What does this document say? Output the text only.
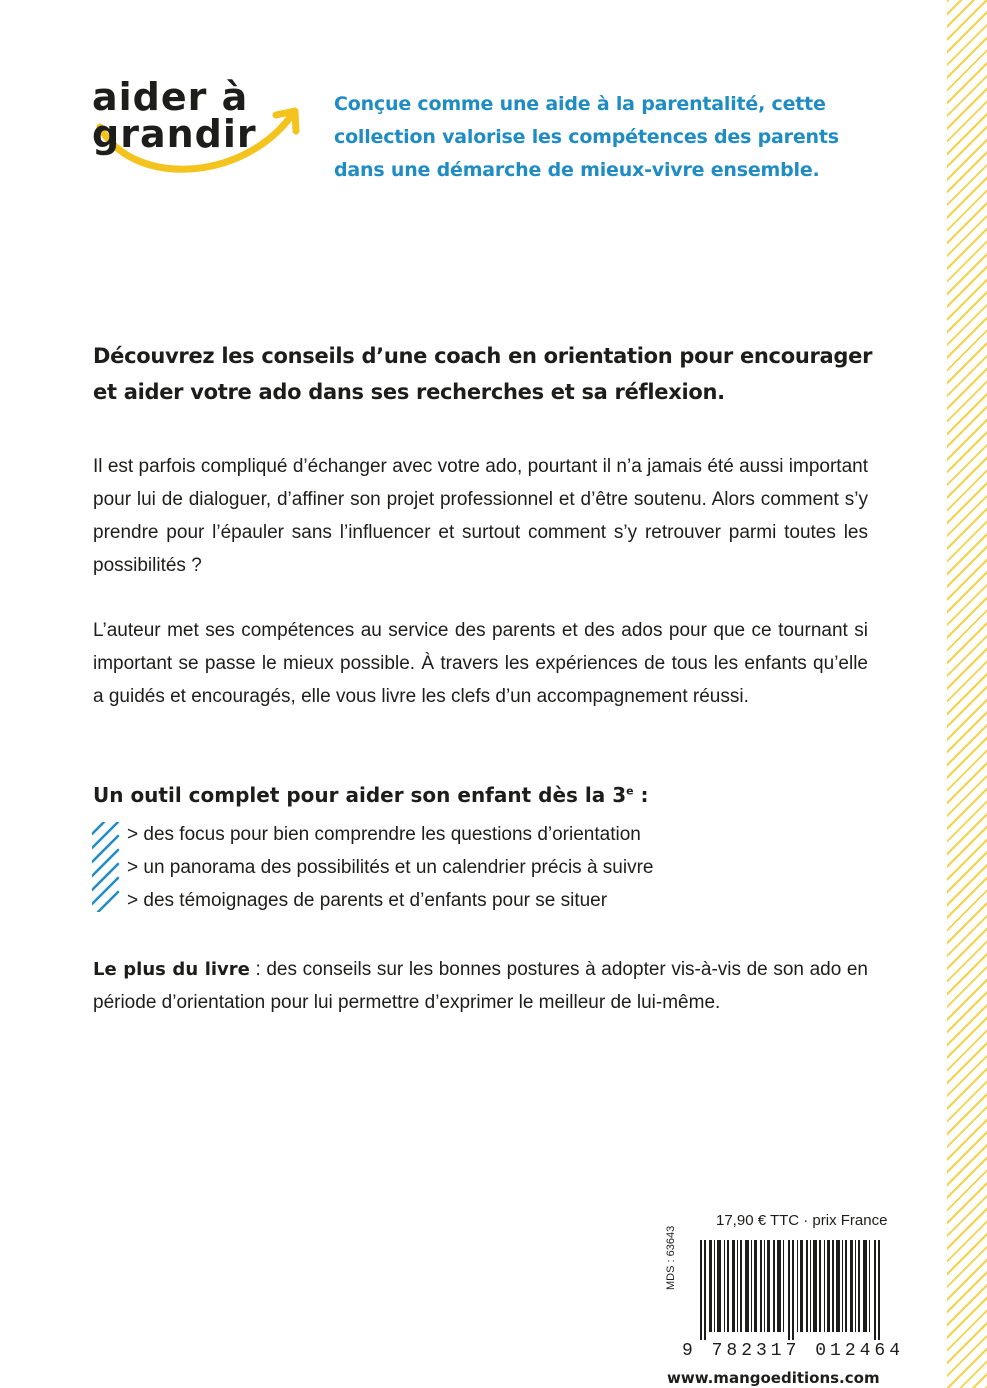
aider à
grandir
Conçue comme une aide à la parentalité, cette collection valorise les compétences des parents dans une démarche de mieux-vivre ensemble.
Découvrez les conseils d’une coach en orientation pour encourager et aider votre ado dans ses recherches et sa réflexion.
Il est parfois compliqué d’échanger avec votre ado, pourtant il n’a jamais été aussi important pour lui de dialoguer, d’affiner son projet professionnel et d’être soutenu. Alors comment s’y prendre pour l’épauler sans l’influencer et surtout comment s’y retrouver parmi toutes les possibilités ?
L’auteur met ses compétences au service des parents et des ados pour que ce tournant si important se passe le mieux possible. À travers les expériences de tous les enfants qu’elle a guidés et encouragés, elle vous livre les clefs d’un accompagnement réussi.
Un outil complet pour aider son enfant dès la 3e :
> des focus pour bien comprendre les questions d’orientation
> un panorama des possibilités et un calendrier précis à suivre
> des témoignages de parents et d’enfants pour se situer
Le plus du livre : des conseils sur les bonnes postures à adopter vis-à-vis de son ado en période d’orientation pour lui permettre d’exprimer le meilleur de lui-même.
17,90 € TTC · prix France
MDS : 63643
9 782317 012464
www.mangoeditions.com
